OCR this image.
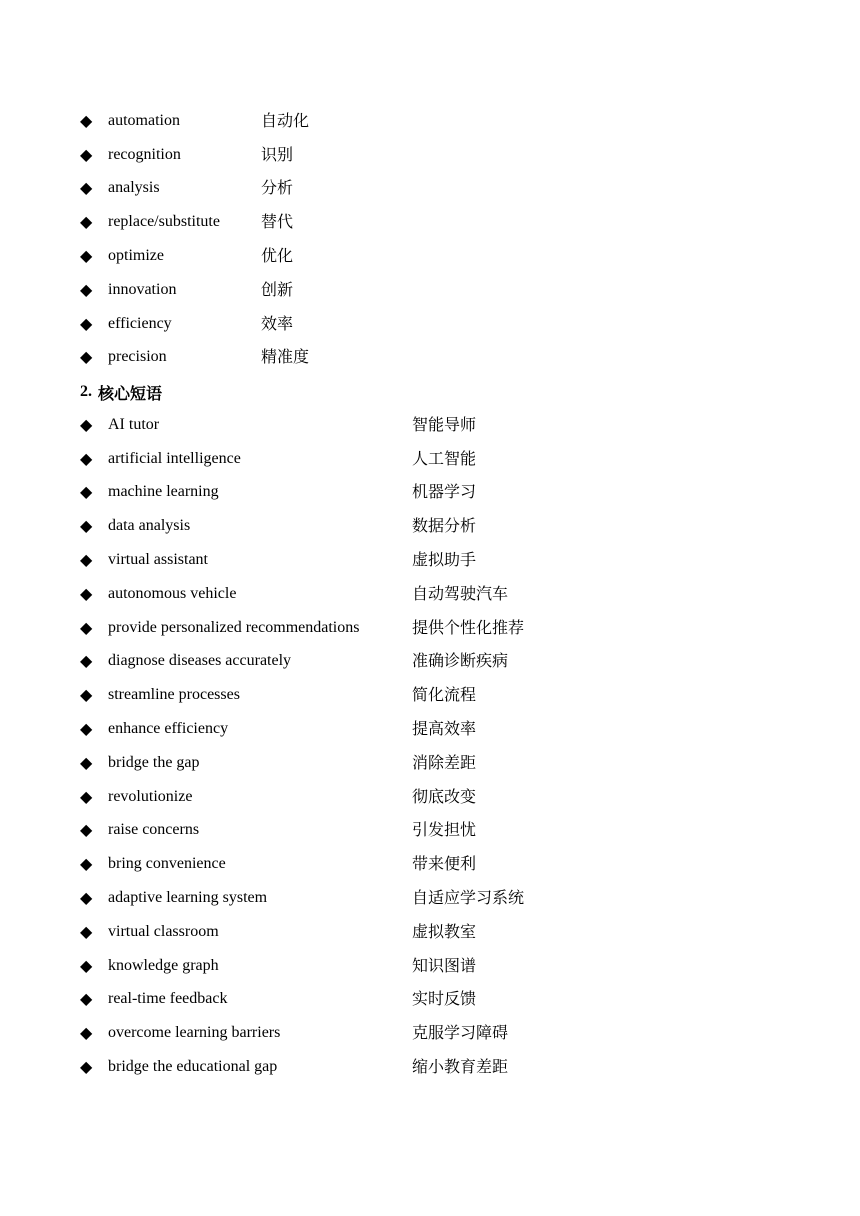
◆ automation	自动化
◆ recognition	识别
◆ analysis	分析
◆ replace/substitute	替代
◆ optimize	优化
◆ innovation	创新
◆ efficiency	效率
◆ precision	精准度
2. 核心短语
◆ AI tutor	智能导师
◆ artificial intelligence	人工智能
◆ machine learning	机器学习
◆ data analysis	数据分析
◆ virtual assistant	虚拟助手
◆ autonomous vehicle	自动驾驶汽车
◆ provide personalized recommendations	提供个性化推荐
◆ diagnose diseases accurately	准确诊断疾病
◆ streamline processes	简化流程
◆ enhance efficiency	提高效率
◆ bridge the gap	消除差距
◆ revolutionize	彻底改变
◆ raise concerns	引发担忧
◆ bring convenience	带来便利
◆ adaptive learning system	自适应学习系统
◆ virtual classroom	虚拟教室
◆ knowledge graph	知识图谱
◆ real-time feedback	实时反馈
◆ overcome learning barriers	克服学习障碍
◆ bridge the educational gap	缩小教育差距
